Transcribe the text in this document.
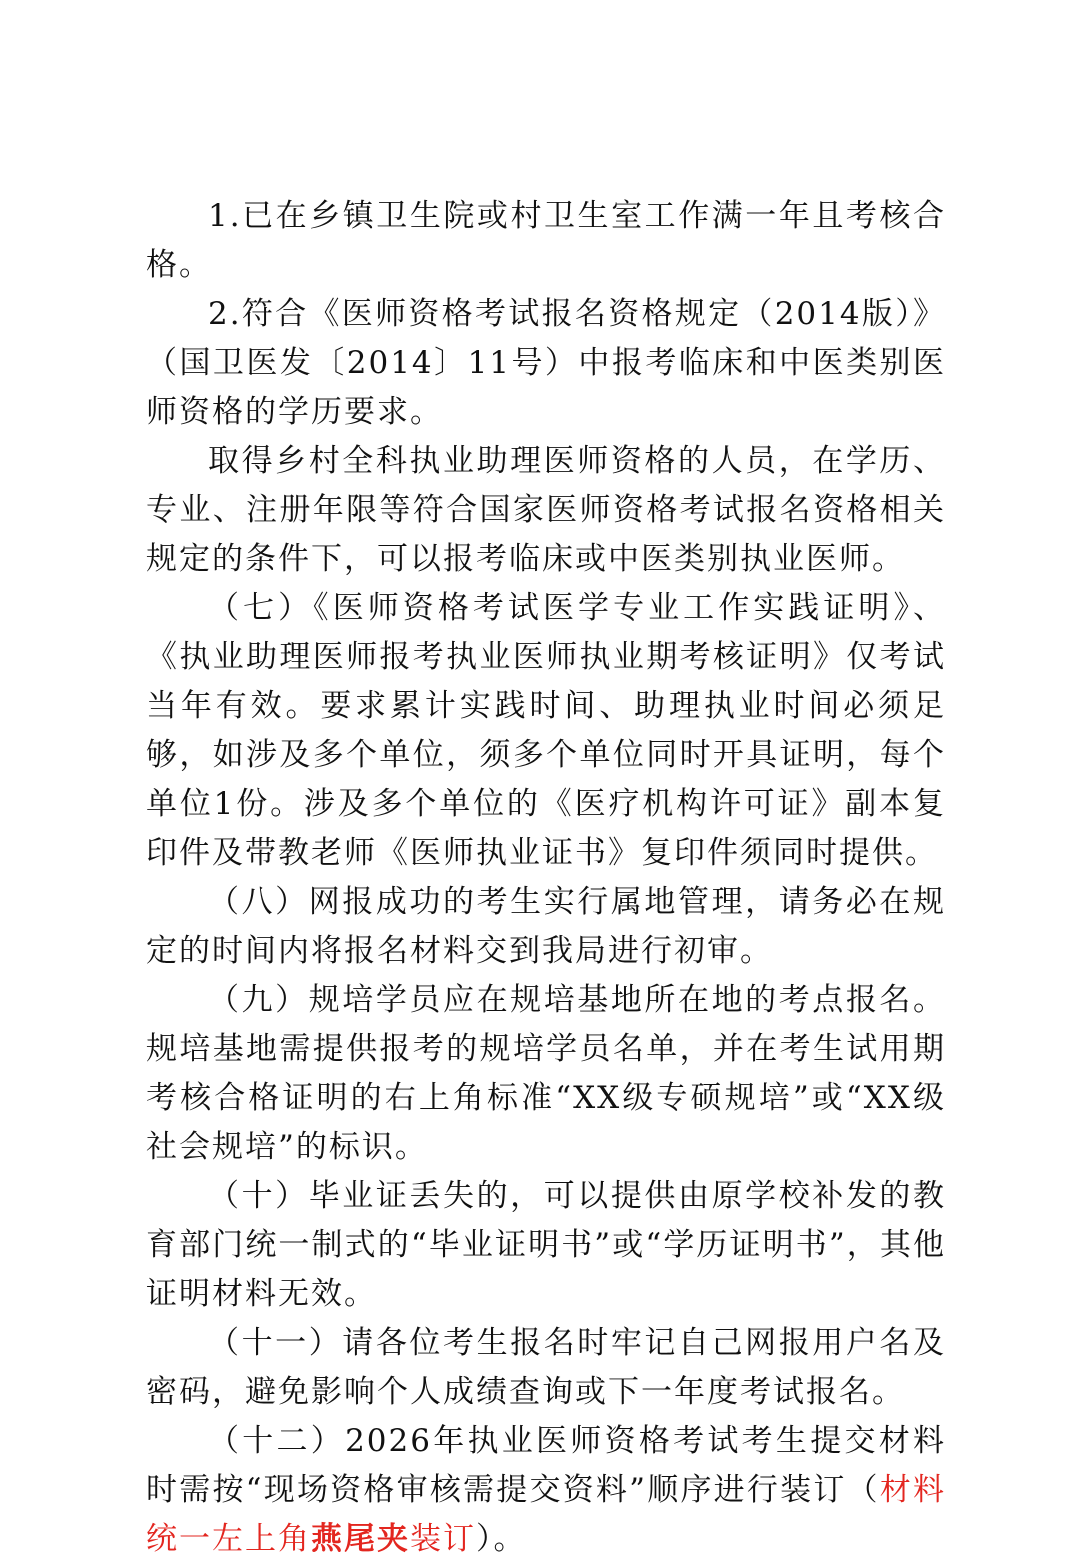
1.已在乡镇卫生院或村卫生室工作满一年且考核合格。

2.符合《医师资格考试报名资格规定（2014版）》（国卫医发〔2014〕11号）中报考临床和中医类别医师资格的学历要求。

取得乡村全科执业助理医师资格的人员，在学历、专业、注册年限等符合国家医师资格考试报名资格相关规定的条件下，可以报考临床或中医类别执业医师。

（七）《医师资格考试医学专业工作实践证明》、《执业助理医师报考执业医师执业期考核证明》仅考试当年有效。要求累计实践时间、助理执业时间必须足够，如涉及多个单位，须多个单位同时开具证明，每个单位1份。涉及多个单位的《医疗机构许可证》副本复印件及带教老师《医师执业证书》复印件须同时提供。

（八）网报成功的考生实行属地管理，请务必在规定的时间内将报名材料交到我局进行初审。

（九）规培学员应在规培基地所在地的考点报名。规培基地需提供报考的规培学员名单，并在考生试用期考核合格证明的右上角标准“XX级专硕规培”或“XX级社会规培”的标识。

（十）毕业证丢失的，可以提供由原学校补发的教育部门统一制式的“毕业证明书”或“学历证明书”，其他证明材料无效。

（十一）请各位考生报名时牢记自己网报用户名及密码，避免影响个人成绩查询或下一年度考试报名。

（十二）2026年执业医师资格考试考生提交材料时需按“现场资格审核需提交资料”顺序进行装订（材料统一左上角燕尾夹装订）。
